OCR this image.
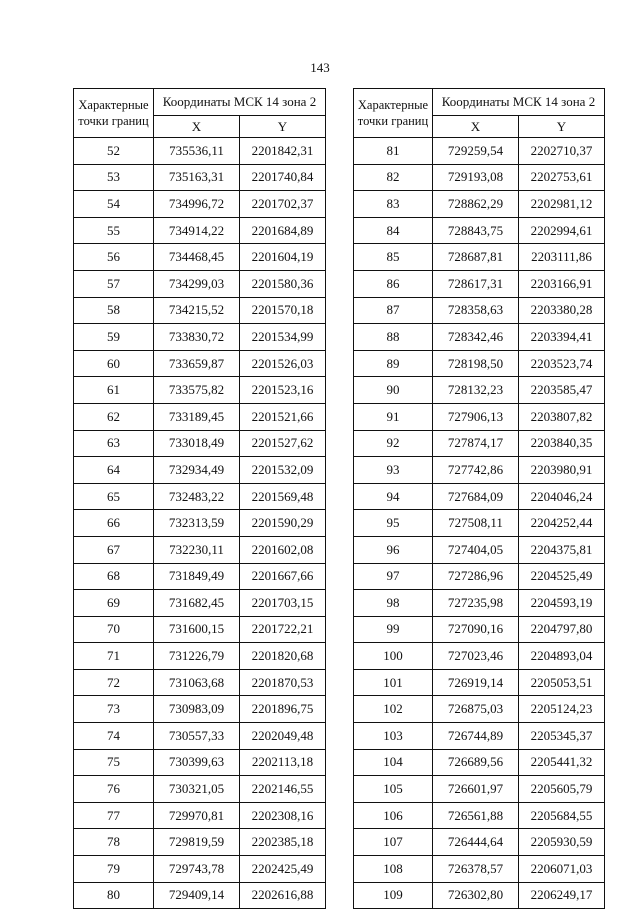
143
Характерные точки границ	Координаты МСК 14 зона 2	
	X	Y
52	735536,11	2201842,31
53	735163,31	2201740,84
54	734996,72	2201702,37
55	734914,22	2201684,89
56	734468,45	2201604,19
57	734299,03	2201580,36
58	734215,52	2201570,18
59	733830,72	2201534,99
60	733659,87	2201526,03
61	733575,82	2201523,16
62	733189,45	2201521,66
63	733018,49	2201527,62
64	732934,49	2201532,09
65	732483,22	2201569,48
66	732313,59	2201590,29
67	732230,11	2201602,08
68	731849,49	2201667,66
69	731682,45	2201703,15
70	731600,15	2201722,21
71	731226,79	2201820,68
72	731063,68	2201870,53
73	730983,09	2201896,75
74	730557,33	2202049,48
75	730399,63	2202113,18
76	730321,05	2202146,55
77	729970,81	2202308,16
78	729819,59	2202385,18
79	729743,78	2202425,49
80	729409,14	2202616,88
Характерные точки границ	Координаты МСК 14 зона 2	
	X	Y
81	729259,54	2202710,37
82	729193,08	2202753,61
83	728862,29	2202981,12
84	728843,75	2202994,61
85	728687,81	2203111,86
86	728617,31	2203166,91
87	728358,63	2203380,28
88	728342,46	2203394,41
89	728198,50	2203523,74
90	728132,23	2203585,47
91	727906,13	2203807,82
92	727874,17	2203840,35
93	727742,86	2203980,91
94	727684,09	2204046,24
95	727508,11	2204252,44
96	727404,05	2204375,81
97	727286,96	2204525,49
98	727235,98	2204593,19
99	727090,16	2204797,80
100	727023,46	2204893,04
101	726919,14	2205053,51
102	726875,03	2205124,23
103	726744,89	2205345,37
104	726689,56	2205441,32
105	726601,97	2205605,79
106	726561,88	2205684,55
107	726444,64	2205930,59
108	726378,57	2206071,03
109	726302,80	2206249,17
